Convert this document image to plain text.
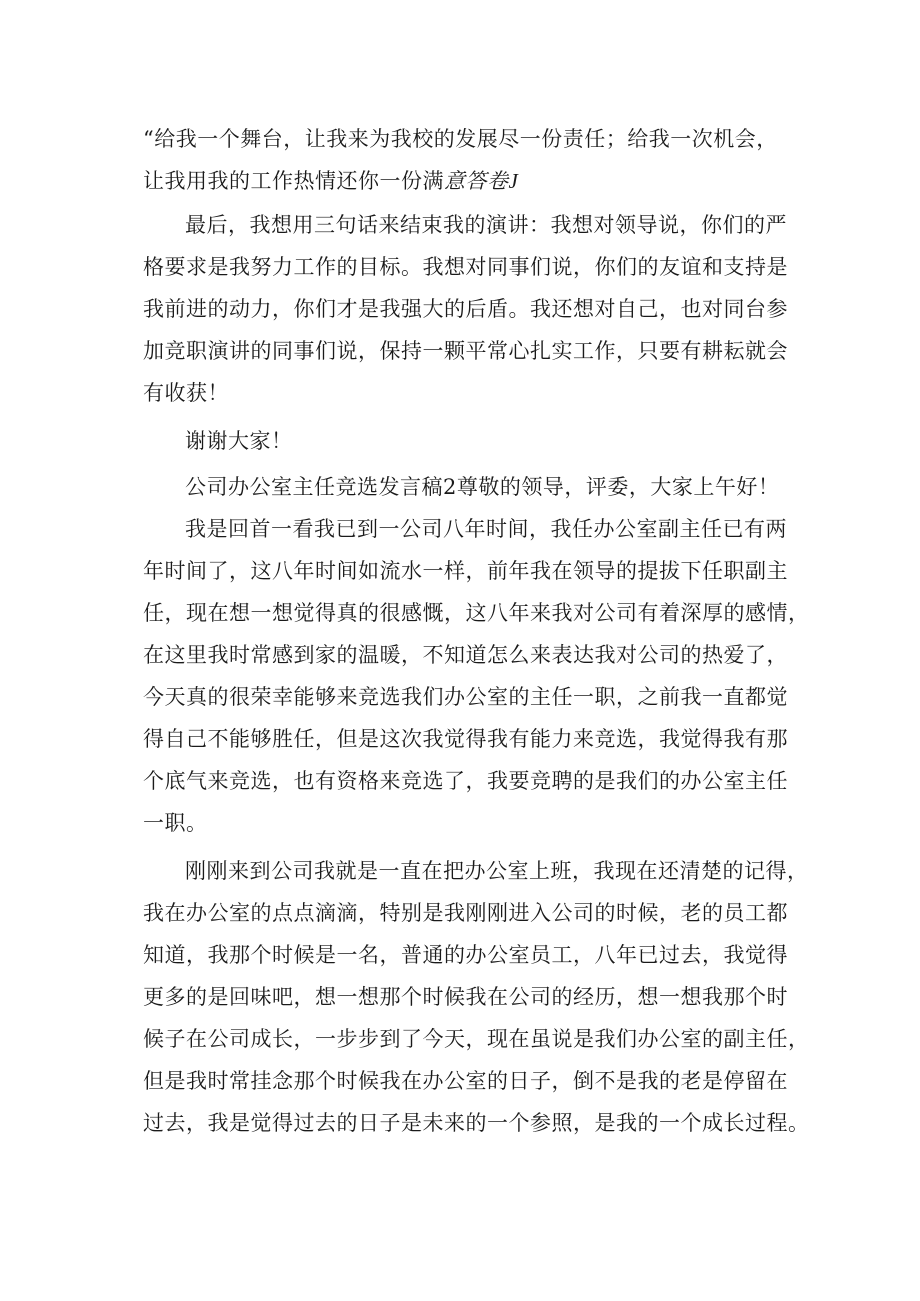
“给我一个舞台，让我来为我校的发展尽一份责任；给我一次机会，
让我用我的工作热情还你一份满意答卷J
最后，我想用三句话来结束我的演讲：我想对领导说，你们的严
格要求是我努力工作的目标。我想对同事们说，你们的友谊和支持是
我前进的动力，你们才是我强大的后盾。我还想对自己，也对同台参
加竞职演讲的同事们说，保持一颗平常心扎实工作，只要有耕耘就会
有收获！
谢谢大家！
公司办公室主任竞选发言稿2尊敬的领导，评委，大家上午好！
我是回首一看我已到一公司八年时间，我任办公室副主任已有两
年时间了，这八年时间如流水一样，前年我在领导的提拔下任职副主
任，现在想一想觉得真的很感慨，这八年来我对公司有着深厚的感情，
在这里我时常感到家的温暖，不知道怎么来表达我对公司的热爱了，
今天真的很荣幸能够来竞选我们办公室的主任一职，之前我一直都觉
得自己不能够胜任，但是这次我觉得我有能力来竞选，我觉得我有那
个底气来竞选，也有资格来竞选了，我要竞聘的是我们的办公室主任
一职。
刚刚来到公司我就是一直在把办公室上班，我现在还清楚的记得，
我在办公室的点点滴滴，特别是我刚刚进入公司的时候，老的员工都
知道，我那个时候是一名，普通的办公室员工，八年已过去，我觉得
更多的是回味吧，想一想那个时候我在公司的经历，想一想我那个时
候子在公司成长，一步步到了今天，现在虽说是我们办公室的副主任，
但是我时常挂念那个时候我在办公室的日子，倒不是我的老是停留在
过去，我是觉得过去的日子是未来的一个参照，是我的一个成长过程。
